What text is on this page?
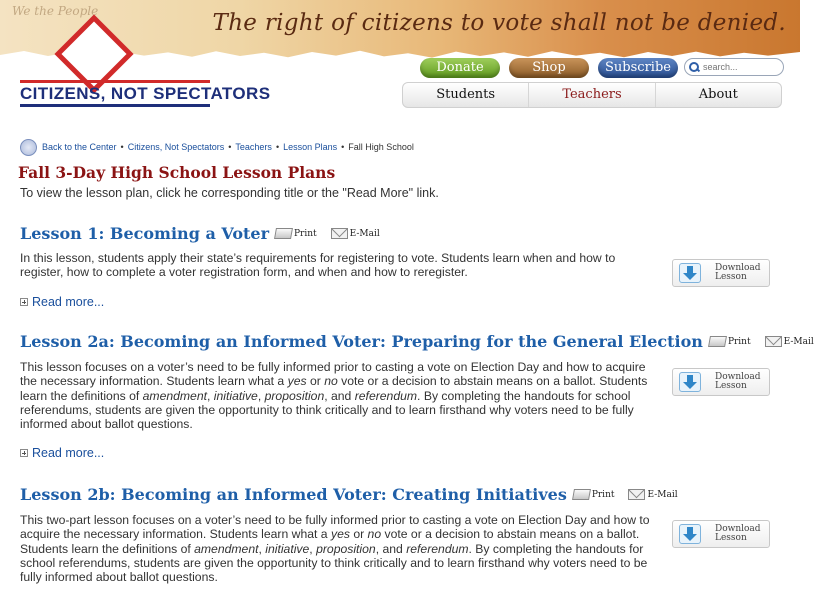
We the People	The right of citizens to vote shall not be denied.
CITIZENS, NOT SPECTATORS
Donate	Shop	Subscribe
search...
Students	Teachers	About
Back to the Center • Citizens, Not Spectators • Teachers • Lesson Plans • Fall High School
Fall 3-Day High School Lesson Plans
To view the lesson plan, click he corresponding title or the "Read More" link.
Lesson 1: Becoming a Voter	Print	E-Mail
In this lesson, students apply their state’s requirements for registering to vote. Students learn when and how to register, how to complete a voter registration form, and when and how to reregister.	Download
Lesson
Read more...
Lesson 2a: Becoming an Informed Voter: Preparing for the General Election	Print	E-Mail
This lesson focuses on a voter’s need to be fully informed prior to casting a vote on Election Day and how to acquire the necessary information. Students learn what a yes or no vote or a decision to abstain means on a ballot. Students learn the definitions of amendment, initiative, proposition, and referendum. By completing the handouts for school referendums, students are given the opportunity to think critically and to learn firsthand why voters need to be fully informed about ballot questions.
Download
Lesson
Read more...
Lesson 2b: Becoming an Informed Voter: Creating Initiatives	Print	E-Mail
This two-part lesson focuses on a voter’s need to be fully informed prior to casting a vote on Election Day and how to acquire the necessary information. Students learn what a yes or no vote or a decision to abstain means on a ballot. Students learn the definitions of amendment, initiative, proposition, and referendum. By completing the handouts for school referendums, students are given the opportunity to think critically and to learn firsthand why voters need to be fully informed about ballot questions.
Download
Lesson
